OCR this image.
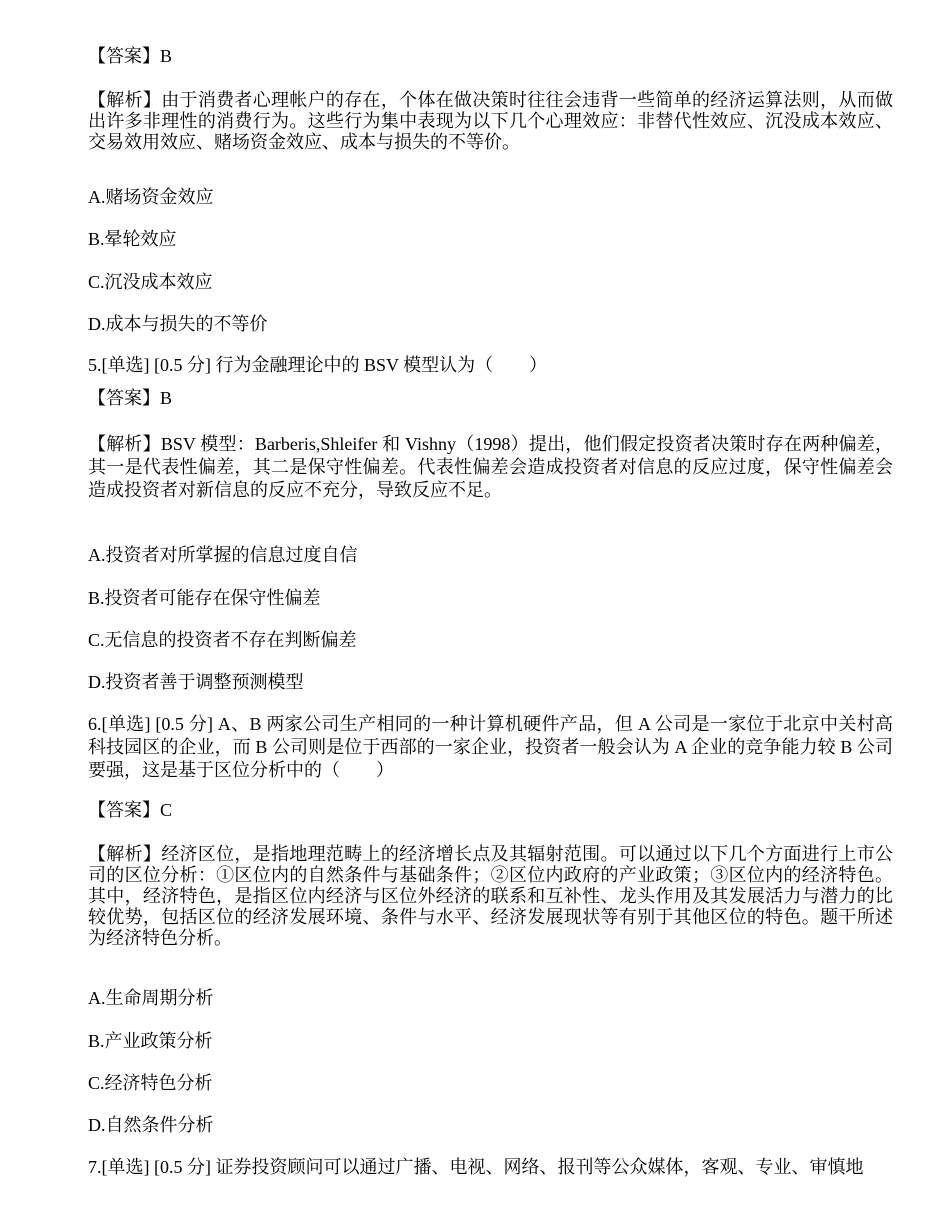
【答案】B
【解析】由于消费者心理帐户的存在，个体在做决策时往往会违背一些简单的经济运算法则，从而做出许多非理性的消费行为。这些行为集中表现为以下几个心理效应：非替代性效应、沉没成本效应、交易效用效应、赌场资金效应、成本与损失的不等价。
A.赌场资金效应
B.晕轮效应
C.沉没成本效应
D.成本与损失的不等价
5.[单选] [0.5 分] 行为金融理论中的 BSV 模型认为（　　）
【答案】B
【解析】BSV 模型：Barberis,Shleifer 和 Vishny（1998）提出，他们假定投资者决策时存在两种偏差，其一是代表性偏差，其二是保守性偏差。代表性偏差会造成投资者对信息的反应过度，保守性偏差会造成投资者对新信息的反应不充分，导致反应不足。
A.投资者对所掌握的信息过度自信
B.投资者可能存在保守性偏差
C.无信息的投资者不存在判断偏差
D.投资者善于调整预测模型
6.[单选] [0.5 分] A、B 两家公司生产相同的一种计算机硬件产品，但 A 公司是一家位于北京中关村高科技园区的企业，而 B 公司则是位于西部的一家企业，投资者一般会认为 A 企业的竞争能力较 B 公司要强，这是基于区位分析中的（　　）
【答案】C
【解析】经济区位，是指地理范畴上的经济增长点及其辐射范围。可以通过以下几个方面进行上市公司的区位分析：①区位内的自然条件与基础条件；②区位内政府的产业政策；③区位内的经济特色。其中，经济特色，是指区位内经济与区位外经济的联系和互补性、龙头作用及其发展活力与潜力的比较优势，包括区位的经济发展环境、条件与水平、经济发展现状等有别于其他区位的特色。题干所述为经济特色分析。
A.生命周期分析
B.产业政策分析
C.经济特色分析
D.自然条件分析
7.[单选] [0.5 分] 证券投资顾问可以通过广播、电视、网络、报刊等公众媒体，客观、专业、审慎地
